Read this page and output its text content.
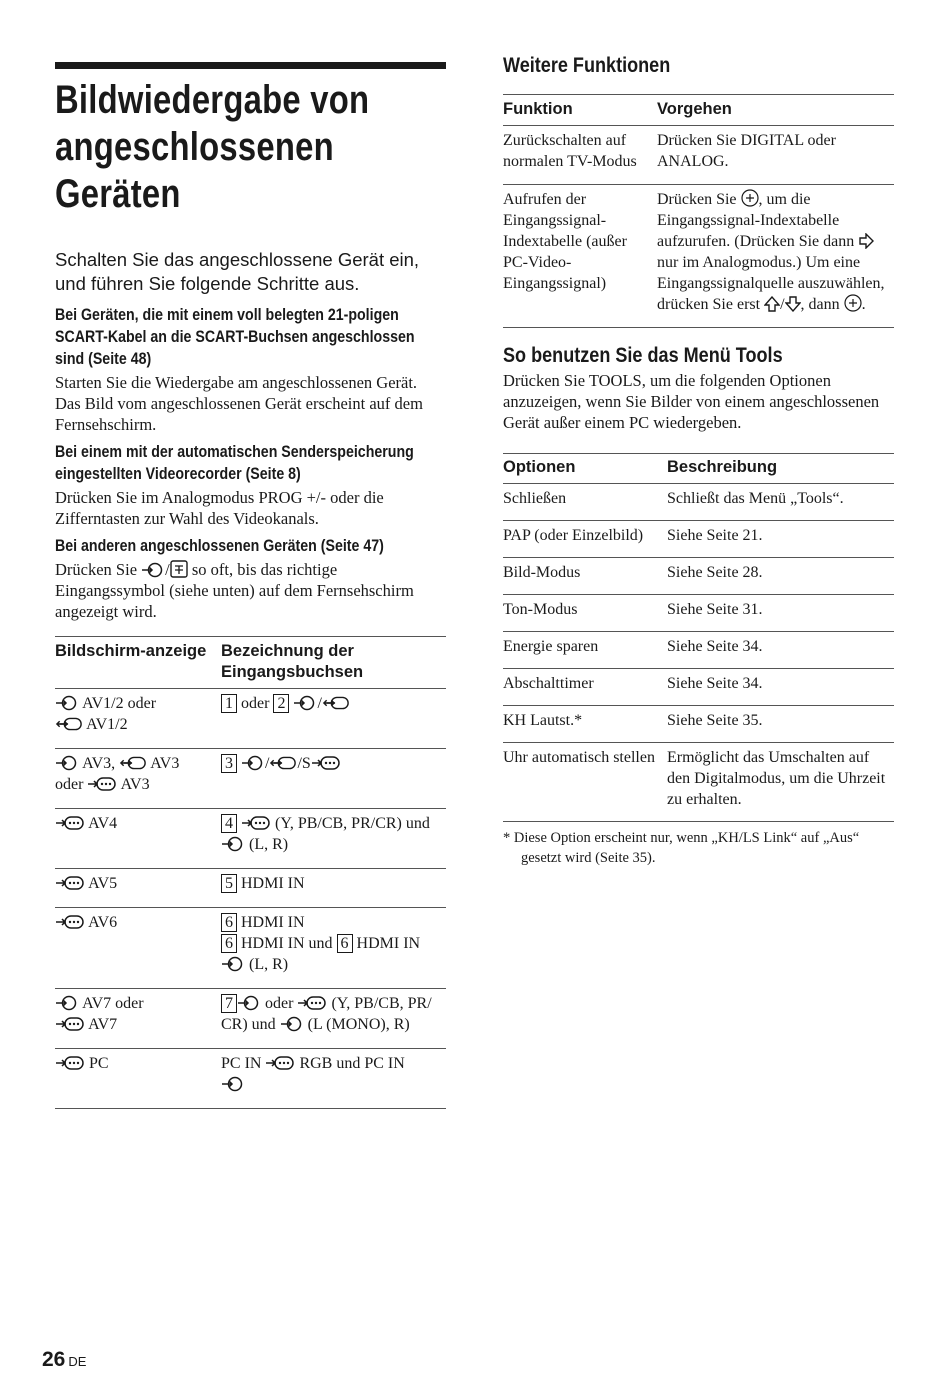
Bildwiedergabe von angeschlossenen Geräten

Schalten Sie das angeschlossene Gerät ein, und führen Sie folgende Schritte aus.

Bei Geräten, die mit einem voll belegten 21-poligen SCART-Kabel an die SCART-Buchsen angeschlossen sind (Seite 48)

Starten Sie die Wiedergabe am angeschlossenen Gerät.

Das Bild vom angeschlossenen Gerät erscheint auf dem Fernsehschirm.

Bei einem mit der automatischen Senderspeicherung eingestellten Videorecorder (Seite 8)

Drücken Sie im Analogmodus PROG +/- oder die Zifferntasten zur Wahl des Videokanals.

Bei anderen angeschlossenen Geräten (Seite 47)

Drücken Sie / so oft, bis das richtige Eingangssymbol (siehe unten) auf dem Fernsehschirm angezeigt wird.

Bildschirm-anzeige	Bezeichnung der Eingangsbuchsen
AV1/2 oder
AV1/2	1 oder 2 /
AV3, AV3
oder AV3	3 / /S
AV4	4 (Y, PB/CB, PR/CR) und
(L, R)
AV5	5 HDMI IN
AV6	6 HDMI IN
6 HDMI IN und 6 HDMI IN
(L, R)
AV7 oder
AV7	7 oder (Y, PB/CB, PR/
CR) und (L (MONO), R)
PC	PC IN RGB und PC IN

Weitere Funktionen
Funktion	Vorgehen
Zurückschalten auf normalen TV-Modus	Drücken Sie DIGITAL oder ANALOG.
Aufrufen der Eingangssignal-Indextabelle (außer PC-Video-Eingangssignal)	Drücken Sie , um die Eingangssignal-Indextabelle aufzurufen. (Drücken Sie dann  nur im Analogmodus.) Um eine Eingangssignalquelle auszuwählen, drücken Sie erst / , dann .
So benutzen Sie das Menü Tools

Drücken Sie TOOLS, um die folgenden Optionen anzuzeigen, wenn Sie Bilder von einem angeschlossenen Gerät außer einem PC wiedergeben.

Optionen	Beschreibung
Schließen	Schließt das Menü „Tools“.
PAP (oder Einzelbild)	Siehe Seite 21.
Bild-Modus	Siehe Seite 28.
Ton-Modus	Siehe Seite 31.
Energie sparen	Siehe Seite 34.
Abschalttimer	Siehe Seite 34.
KH Lautst.*	Siehe Seite 35.
Uhr automatisch stellen	Ermöglicht das Umschalten auf den Digitalmodus, um die Uhrzeit zu erhalten.
* Diese Option erscheint nur, wenn „KH/LS Link“ auf „Aus“ gesetzt wird (Seite 35).
26 DE
